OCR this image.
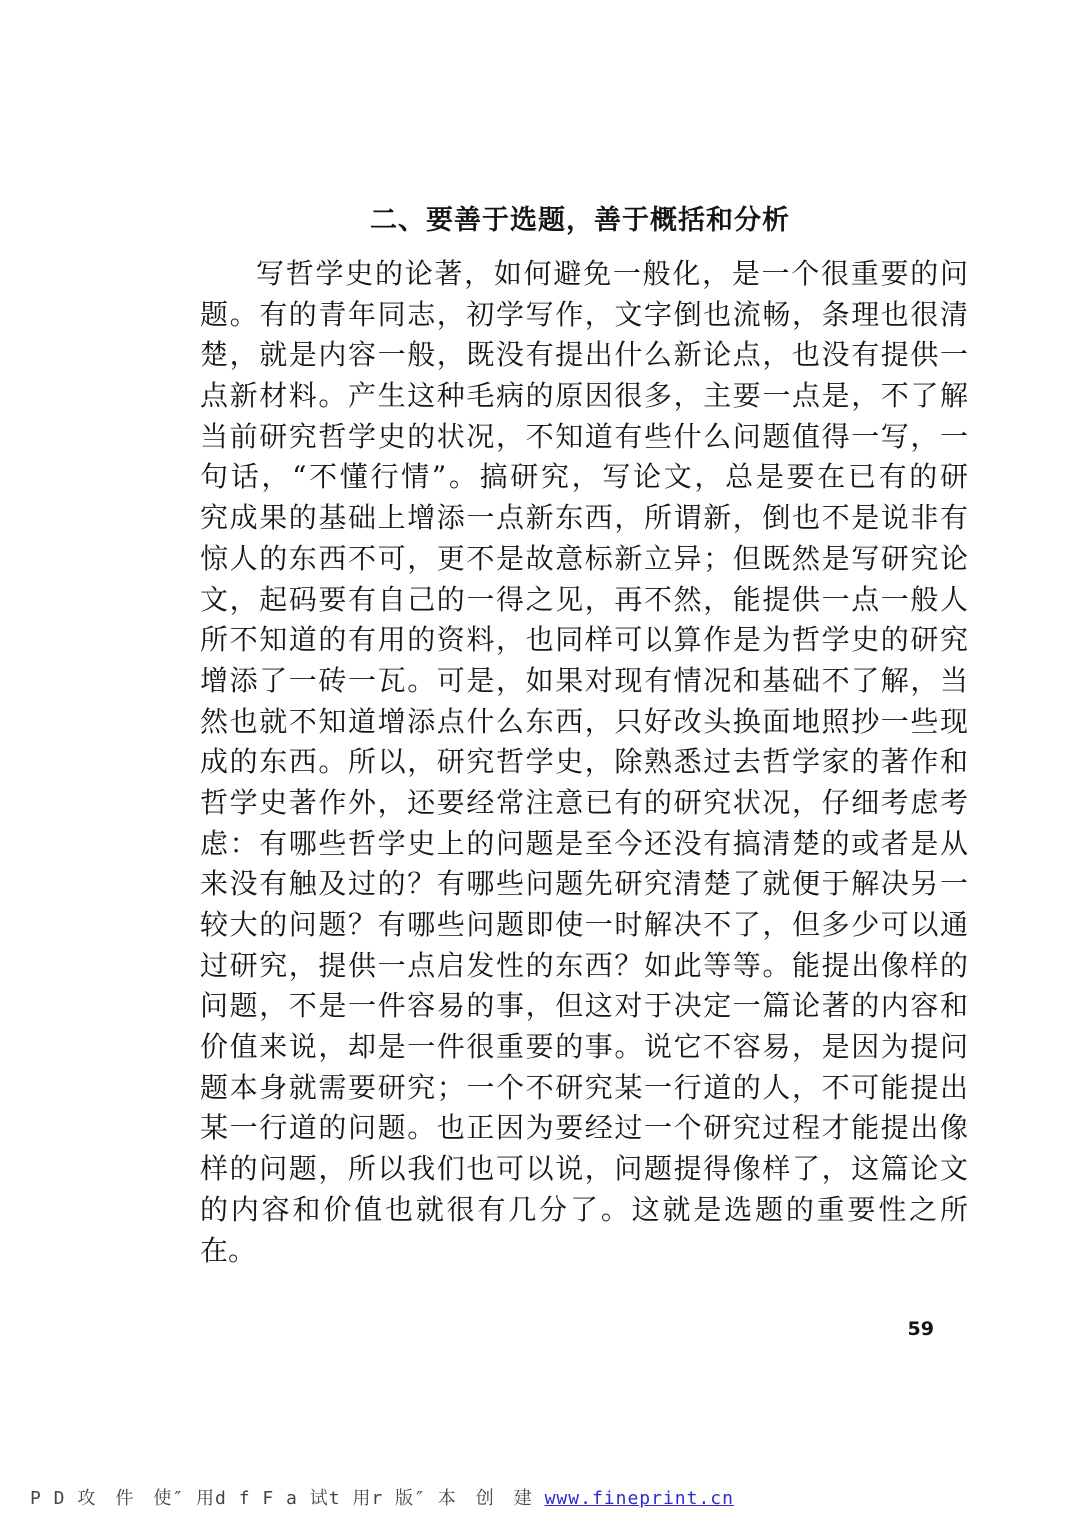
二、要善于选题，善于概括和分析
写哲学史的论著，如何避免一般化，是一个很重要的问
题。有的青年同志，初学写作，文字倒也流畅，条理也很清
楚，就是内容一般，既没有提出什么新论点，也没有提供一
点新材料。产生这种毛病的原因很多，主要一点是，不了解
当前研究哲学史的状况，不知道有些什么问题值得一写，一
句话，“不懂行情”。搞研究，写论文，总是要在已有的研
究成果的基础上增添一点新东西，所谓新，倒也不是说非有
惊人的东西不可，更不是故意标新立异；但既然是写研究论
文，起码要有自己的一得之见，再不然，能提供一点一般人
所不知道的有用的资料，也同样可以算作是为哲学史的研究
增添了一砖一瓦。可是，如果对现有情况和基础不了解，当
然也就不知道增添点什么东西，只好改头换面地照抄一些现
成的东西。所以，研究哲学史，除熟悉过去哲学家的著作和
哲学史著作外，还要经常注意已有的研究状况，仔细考虑考
虑：有哪些哲学史上的问题是至今还没有搞清楚的或者是从
来没有触及过的？有哪些问题先研究清楚了就便于解决另一
较大的问题？有哪些问题即使一时解决不了，但多少可以通
过研究，提供一点启发性的东西？如此等等。能提出像样的
问题，不是一件容易的事，但这对于决定一篇论著的内容和
价值来说，却是一件很重要的事。说它不容易，是因为提问
题本身就需要研究；一个不研究某一行道的人，不可能提出
某一行道的问题。也正因为要经过一个研究过程才能提出像
样的问题，所以我们也可以说，问题提得像样了，这篇论文
的内容和价值也就很有几分了。这就是选题的重要性之所
在。
59
P D 攻　件　使″ 用d f F a 试t 用r 版″ 本　创　建 www.fineprint.cn
